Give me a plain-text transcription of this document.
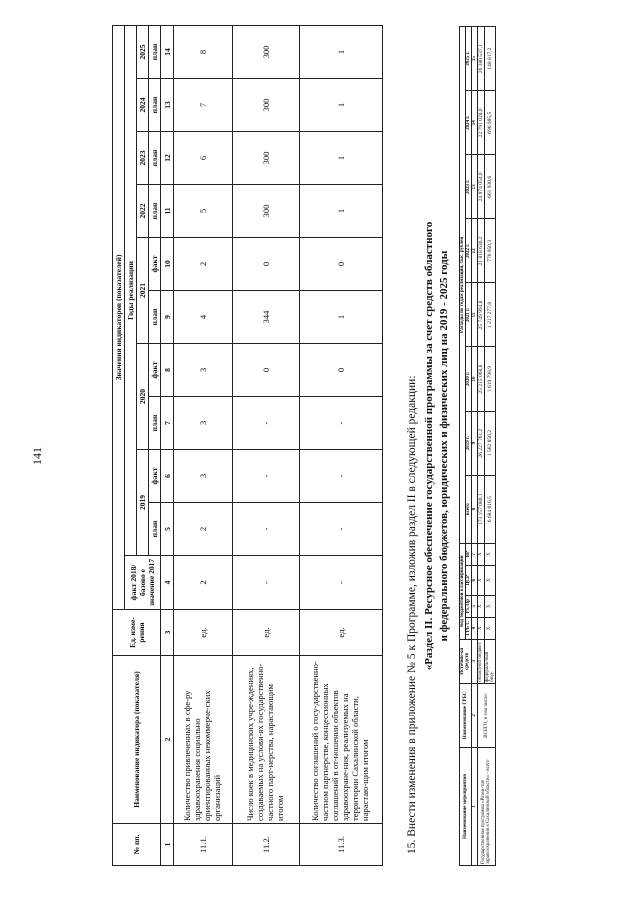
141
№ пп.	Наименование индикатора (показателя)	Ед. изме-рения	Значения индикаторов (показателей)										
			факт 2018/базово е значение 2017	Годы реализации									
				2019		2020		2021		2022	2023	2024	2025
				план	факт	план	факт	план	факт	план	план	план	план
1	2	3	4	5	6	7	8	9	10	11	12	13	14
11.1.	Количество привлеченных в сфе-ру здравоохранения социально ориентированных некоммерче-ских организаций	ед.	2	2	3	3	3	4	2	5	6	7	8
11.2.	Число коек в медицинских учре-ждениях, создаваемых на услови-ях государственно-частного парт-нерства, нарастающим итогом	ед.	-	-	-	-	0	344	0	300	300	300	300
11.3.	Количество соглашений о госу-дарственно-частном партнерстве, концессионных соглашений в от-ношении объектов здравоохране-ния, реализуемых на территории Сахалинской области, нарастаю-щим итогом	ед.	-	-	-	-	0	1	0	1	1	1	1
15. Внести изменения в приложение № 5 к Программе, изложив раздел II в следующей редакции: «Раздел II. Ресурсное обеспечение государственной программы за счет средств областного и федерального бюджетов, юридических и физических лиц на 2019 - 2025 годы
Наименование мероприятия	Наименование ГРБС	Источни-ки средств	Код бюджетной классификации				Расходы по годам реализации, тыс. рублей							
			ГРБ С	Рз, Пр	ЦСР	ВР	всего	2019 г.	2020 г.	2021 г.	2022 г.	2023 г.	2024 г.	2025 г.
1	2	3	4	5	6	7	8	9	10	11	12	13	14	15
Государственная программа «Разви-тие здравоохранения в Сахалинской области» - всего	ВСЕГО, в том числе:	областной бюджет	X	X	X	X	173 157 080,1	26 227 761,2	25 215 068,8	25 749 994,8	21 818 636,2	24 974 054,0	22 791 028,0	26 380 537,1
		федераль-ный бюд-	X	X	X	X	6 684 616,5	1 562 856,2	1 619 798,9	1 217 277,8	776 950,3	661 930,6	696 985,5	148 817,2
